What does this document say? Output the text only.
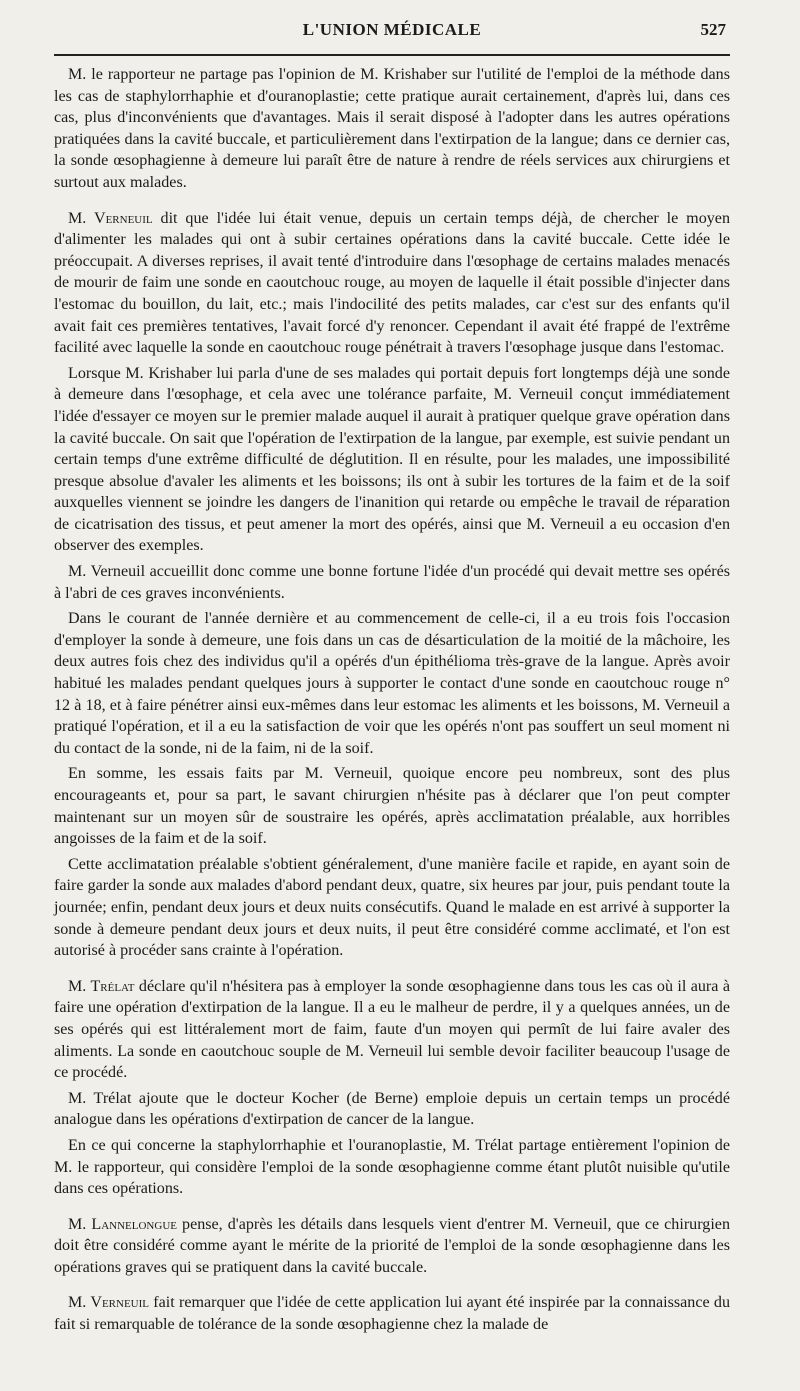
L'UNION MÉDICALE	527

M. le rapporteur ne partage pas l'opinion de M. Krishaber sur l'utilité de l'emploi de la méthode dans les cas de staphylorrhaphie et d'ouranoplastie; cette pratique aurait certainement, d'après lui, dans ces cas, plus d'inconvénients que d'avantages. Mais il serait disposé à l'adopter dans les autres opérations pratiquées dans la cavité buccale, et particulièrement dans l'extirpation de la langue; dans ce dernier cas, la sonde œsophagienne à demeure lui paraît être de nature à rendre de réels services aux chirurgiens et surtout aux malades.

M. Verneuil dit que l'idée lui était venue, depuis un certain temps déjà, de chercher le moyen d'alimenter les malades qui ont à subir certaines opérations dans la cavité buccale. Cette idée le préoccupait. A diverses reprises, il avait tenté d'introduire dans l'œsophage de certains malades menacés de mourir de faim une sonde en caoutchouc rouge, au moyen de laquelle il était possible d'injecter dans l'estomac du bouillon, du lait, etc.; mais l'indocilité des petits malades, car c'est sur des enfants qu'il avait fait ces premières tentatives, l'avait forcé d'y renoncer. Cependant il avait été frappé de l'extrême facilité avec laquelle la sonde en caoutchouc rouge pénétrait à travers l'œsophage jusque dans l'estomac.

Lorsque M. Krishaber lui parla d'une de ses malades qui portait depuis fort longtemps déjà une sonde à demeure dans l'œsophage, et cela avec une tolérance parfaite, M. Verneuil conçut immédiatement l'idée d'essayer ce moyen sur le premier malade auquel il aurait à pratiquer quelque grave opération dans la cavité buccale. On sait que l'opération de l'extirpation de la langue, par exemple, est suivie pendant un certain temps d'une extrême difficulté de déglutition. Il en résulte, pour les malades, une impossibilité presque absolue d'avaler les aliments et les boissons; ils ont à subir les tortures de la faim et de la soif auxquelles viennent se joindre les dangers de l'inanition qui retarde ou empêche le travail de réparation de cicatrisation des tissus, et peut amener la mort des opérés, ainsi que M. Verneuil a eu occasion d'en observer des exemples.

M. Verneuil accueillit donc comme une bonne fortune l'idée d'un procédé qui devait mettre ses opérés à l'abri de ces graves inconvénients.

Dans le courant de l'année dernière et au commencement de celle-ci, il a eu trois fois l'occasion d'employer la sonde à demeure, une fois dans un cas de désarticulation de la moitié de la mâchoire, les deux autres fois chez des individus qu'il a opérés d'un épithélioma très-grave de la langue. Après avoir habitué les malades pendant quelques jours à supporter le contact d'une sonde en caoutchouc rouge n° 12 à 18, et à faire pénétrer ainsi eux-mêmes dans leur estomac les aliments et les boissons, M. Verneuil a pratiqué l'opération, et il a eu la satisfaction de voir que les opérés n'ont pas souffert un seul moment ni du contact de la sonde, ni de la faim, ni de la soif.

En somme, les essais faits par M. Verneuil, quoique encore peu nombreux, sont des plus encourageants et, pour sa part, le savant chirurgien n'hésite pas à déclarer que l'on peut compter maintenant sur un moyen sûr de soustraire les opérés, après acclimatation préalable, aux horribles angoisses de la faim et de la soif.

Cette acclimatation préalable s'obtient généralement, d'une manière facile et rapide, en ayant soin de faire garder la sonde aux malades d'abord pendant deux, quatre, six heures par jour, puis pendant toute la journée; enfin, pendant deux jours et deux nuits consécutifs. Quand le malade en est arrivé à supporter la sonde à demeure pendant deux jours et deux nuits, il peut être considéré comme acclimaté, et l'on est autorisé à procéder sans crainte à l'opération.

M. Trélat déclare qu'il n'hésitera pas à employer la sonde œsophagienne dans tous les cas où il aura à faire une opération d'extirpation de la langue. Il a eu le malheur de perdre, il y a quelques années, un de ses opérés qui est littéralement mort de faim, faute d'un moyen qui permît de lui faire avaler des aliments. La sonde en caoutchouc souple de M. Verneuil lui semble devoir faciliter beaucoup l'usage de ce procédé.

M. Trélat ajoute que le docteur Kocher (de Berne) emploie depuis un certain temps un procédé analogue dans les opérations d'extirpation de cancer de la langue.

En ce qui concerne la staphylorrhaphie et l'ouranoplastie, M. Trélat partage entièrement l'opinion de M. le rapporteur, qui considère l'emploi de la sonde œsophagienne comme étant plutôt nuisible qu'utile dans ces opérations.

M. Lannelongue pense, d'après les détails dans lesquels vient d'entrer M. Verneuil, que ce chirurgien doit être considéré comme ayant le mérite de la priorité de l'emploi de la sonde œsophagienne dans les opérations graves qui se pratiquent dans la cavité buccale.

M. Verneuil fait remarquer que l'idée de cette application lui ayant été inspirée par la connaissance du fait si remarquable de tolérance de la sonde œsophagienne chez la malade de
